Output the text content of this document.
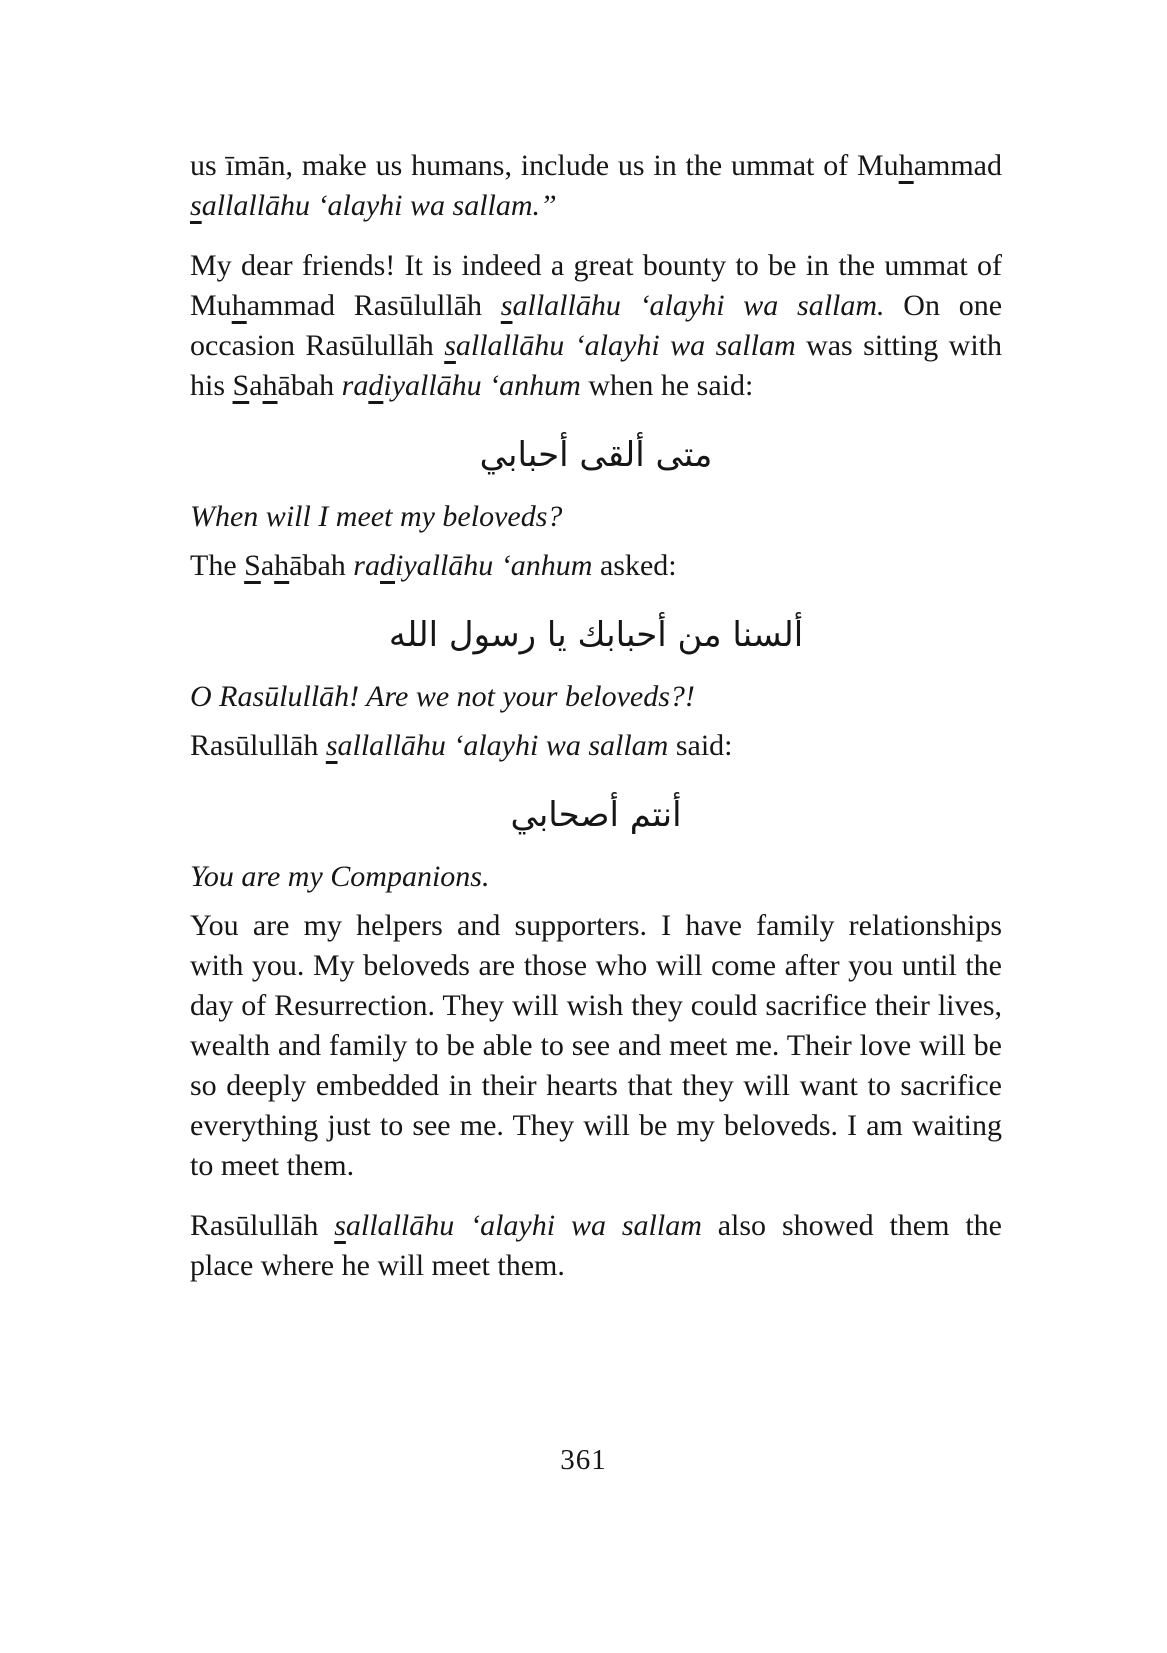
us īmān, make us humans, include us in the ummat of Muhammad sallallāhu ‘alayhi wa sallam.”

My dear friends! It is indeed a great bounty to be in the ummat of Muhammad Rasūlullāh sallallāhu ‘alayhi wa sallam. On one occasion Rasūlullāh sallallāhu ‘alayhi wa sallam was sitting with his Sahābah radiyallāhu ‘anhum when he said:

متى ألقى أحبابي

When will I meet my beloveds?

The Sahābah radiyallāhu ‘anhum asked:

ألسنا من أحبابك يا رسول الله

O Rasūlullāh! Are we not your beloveds?!

Rasūlullāh sallallāhu ‘alayhi wa sallam said:

أنتم أصحابي

You are my Companions.

You are my helpers and supporters. I have family relationships with you. My beloveds are those who will come after you until the day of Resurrection. They will wish they could sacrifice their lives, wealth and family to be able to see and meet me. Their love will be so deeply embedded in their hearts that they will want to sacrifice everything just to see me. They will be my beloveds. I am waiting to meet them.

Rasūlullāh sallallāhu ‘alayhi wa sallam also showed them the place where he will meet them.

361
